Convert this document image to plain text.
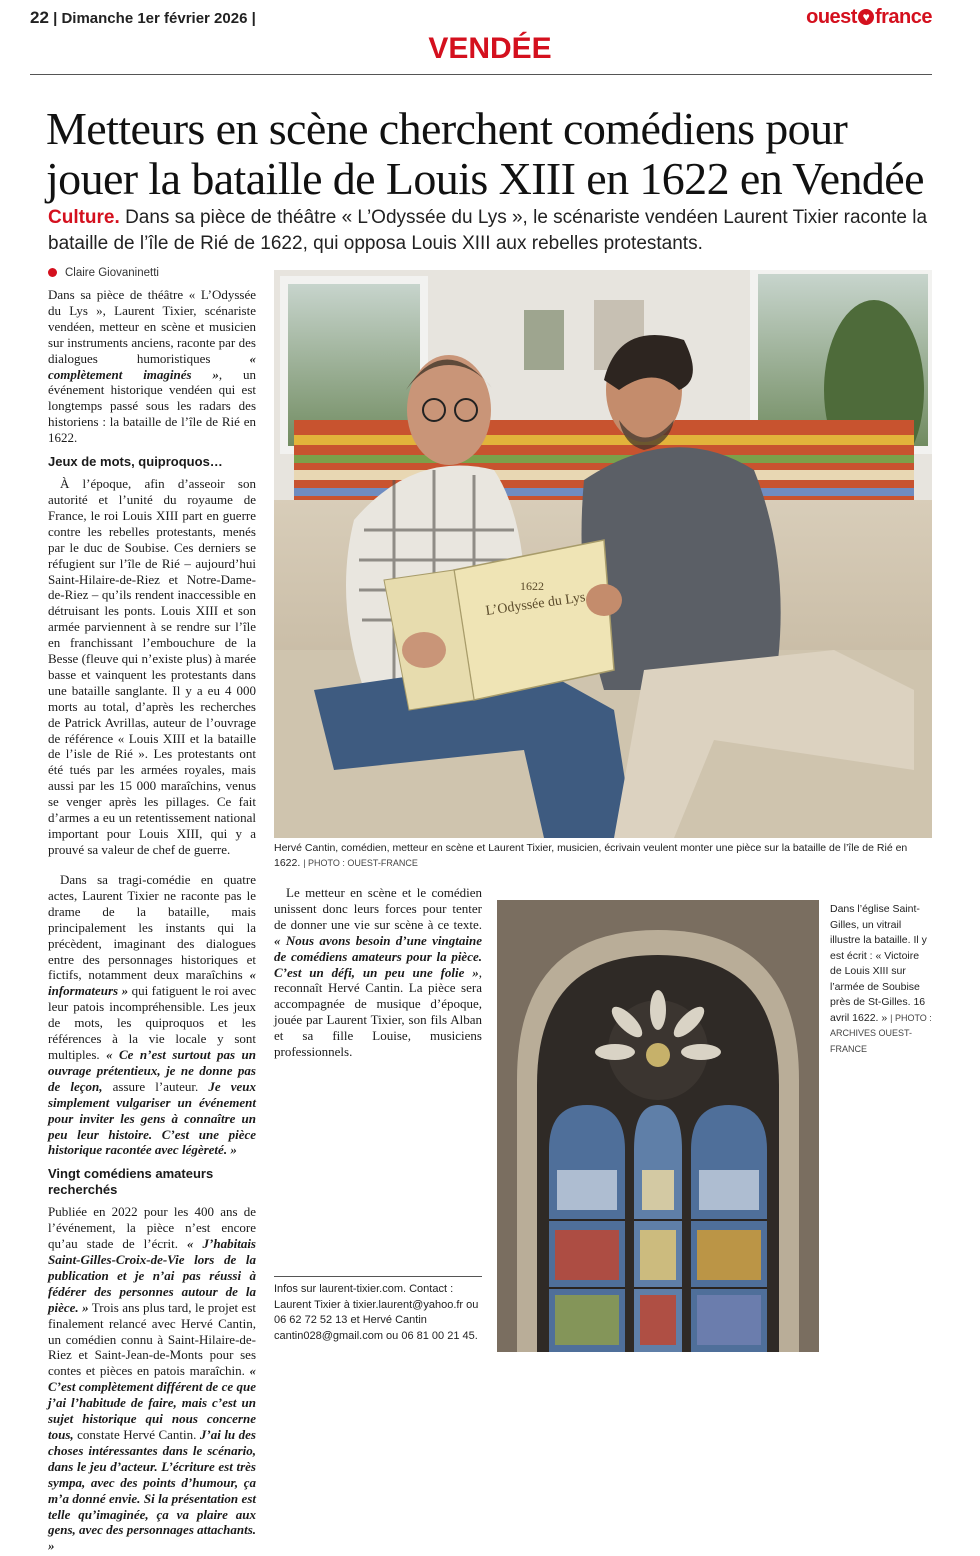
22 | Dimanche 1er février 2026 |	ouest ♥ france
VENDÉE
Metteurs en scène cherchent comédiens pour jouer la bataille de Louis XIII en 1622 en Vendée
Culture. Dans sa pièce de théâtre « L’Odyssée du Lys », le scénariste vendéen Laurent Tixier raconte la bataille de l’île de Rié de 1622, qui opposa Louis XIII aux rebelles protestants.
Claire Giovaninetti

Dans sa pièce de théâtre « L’Odyssée du Lys », Laurent Tixier, scénariste vendéen, metteur en scène et musicien sur instruments anciens, raconte par des dialogues humoristiques « complètement imaginés », un événement historique vendéen qui est longtemps passé sous les radars des historiens : la bataille de l’île de Rié en 1622.

Jeux de mots, quiproquos…

À l’époque, afin d’asseoir son autorité et l’unité du royaume de France, le roi Louis XIII part en guerre contre les rebelles protestants, menés par le duc de Soubise. Ces derniers se réfugient sur l’île de Rié – aujourd’hui Saint-Hilaire-de-Riez et Notre-Dame-de-Riez – qu’ils rendent inaccessible en détruisant les ponts. Louis XIII et son armée parviennent à se rendre sur l’île en franchissant l’embouchure de la Besse (fleuve qui n’existe plus) à marée basse et vainquent les protestants dans une bataille sanglante. Il y a eu 4 000 morts au total, d’après les recherches de Patrick Avrillas, auteur de l’ouvrage de référence « Louis XIII et la bataille de l’isle de Rié ». Les protestants ont été tués par les armées royales, mais aussi par les 15 000 maraîchins, venus se venger après les pillages. Ce fait d’armes a eu un retentissement national important pour Louis XIII, qui y a prouvé sa valeur de chef de guerre.

Dans sa tragi-comédie en quatre actes, Laurent Tixier ne raconte pas le drame de la bataille, mais principalement les instants qui la précèdent, imaginant des dialogues entre des personnages historiques et fictifs, notamment deux maraîchins « informateurs » qui fatiguent le roi avec leur patois incompréhensible. Les jeux de mots, les quiproquos et les références à la vie locale y sont multiples. « Ce n’est surtout pas un ouvrage prétentieux, je ne donne pas de leçon, assure l’auteur. Je veux simplement vulgariser un événement pour inviter les gens à connaître un peu leur histoire. C’est une pièce historique racontée avec légèreté. »

Vingt comédiens amateurs recherchés

Publiée en 2022 pour les 400 ans de l’événement, la pièce n’est encore qu’au stade de l’écrit. « J’habitais Saint-Gilles-Croix-de-Vie lors de la publication et je n’ai pas réussi à fédérer des personnes autour de la pièce. » Trois ans plus tard, le projet est finalement relancé avec Hervé Cantin, un comédien connu à Saint-Hilaire-de-Riez et Saint-Jean-de-Monts pour ses contes et pièces en patois maraîchin. « C’est complètement différent de ce que j’ai l’habitude de faire, mais c’est un sujet historique qui nous concerne tous, constate Hervé Cantin. J’ai lu des choses intéressantes dans le scénario, dans le jeu d’acteur. L’écriture est très sympa, avec des points d’humour, ça m’a donné envie. Si la présentation est telle qu’imaginée, ça va plaire aux gens, avec des personnages attachants. »

Le metteur en scène et le comédien unissent donc leurs forces pour tenter de donner une vie sur scène à ce texte. « Nous avons besoin d’une vingtaine de comédiens amateurs pour la pièce. C’est un défi, un peu une folie », reconnaît Hervé Cantin. La pièce sera accompagnée de musique d’époque, jouée par Laurent Tixier, son fils Alban et sa fille Louise, musiciens professionnels.

Infos sur laurent-tixier.com. Contact : Laurent Tixier à tixier.laurent@yahoo.fr ou 06 62 72 52 13 et Hervé Cantin cantin028@gmail.com ou 06 81 00 21 45.
1622
L’Odyssée du Lys
Hervé Cantin, comédien, metteur en scène et Laurent Tixier, musicien, écrivain veulent monter une pièce sur la bataille de l’île de Rié en 1622. | PHOTO : OUEST-FRANCE
Dans l’église Saint-Gilles, un vitrail illustre la bataille. Il y est écrit : « Victoire de Louis XIII sur l’armée de Soubise près de St-Gilles. 16 avril 1622. » | PHOTO : ARCHIVES OUEST-FRANCE
